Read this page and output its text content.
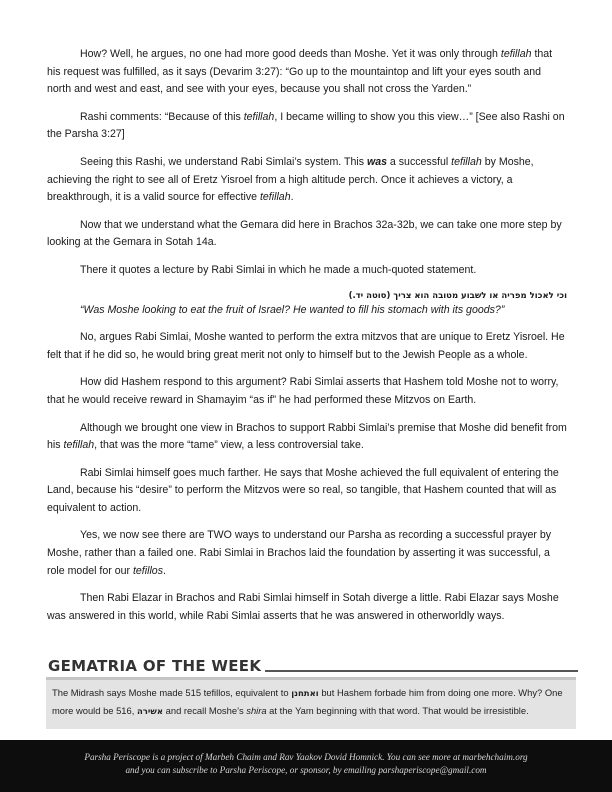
How? Well, he argues, no one had more good deeds than Moshe. Yet it was only through tefillah that his request was fulfilled, as it says (Devarim 3:27): “Go up to the mountaintop and lift your eyes south and north and west and east, and see with your eyes, because you shall not cross the Yarden.”

Rashi comments: “Because of this tefillah, I became willing to show you this view…” [See also Rashi on the Parsha 3:27]

Seeing this Rashi, we understand Rabi Simlai’s system. This was a successful tefillah by Moshe, achieving the right to see all of Eretz Yisroel from a high altitude perch. Once it achieves a victory, a breakthrough, it is a valid source for effective tefillah.

Now that we understand what the Gemara did here in Brachos 32a-32b, we can take one more step by looking at the Gemara in Sotah 14a.

There it quotes a lecture by Rabi Simlai in which he made a much-quoted statement.

וכי לאכול מפריה או לשבוע מטובה הוא צריך (סוטה יד.)

“Was Moshe looking to eat the fruit of Israel? He wanted to fill his stomach with its goods?”

No, argues Rabi Simlai, Moshe wanted to perform the extra mitzvos that are unique to Eretz Yisroel. He felt that if he did so, he would bring great merit not only to himself but to the Jewish People as a whole.

How did Hashem respond to this argument? Rabi Simlai asserts that Hashem told Moshe not to worry, that he would receive reward in Shamayim “as if” he had performed these Mitzvos on Earth.

Although we brought one view in Brachos to support Rabbi Simlai’s premise that Moshe did benefit from his tefillah, that was the more “tame” view, a less controversial take.

Rabi Simlai himself goes much farther. He says that Moshe achieved the full equivalent of entering the Land, because his “desire” to perform the Mitzvos were so real, so tangible, that Hashem counted that will as equivalent to action.

Yes, we now see there are TWO ways to understand our Parsha as recording a successful prayer by Moshe, rather than a failed one. Rabi Simlai in Brachos laid the foundation by asserting it was successful, a role model for our tefillos.

Then Rabi Elazar in Brachos and Rabi Simlai himself in Sotah diverge a little. Rabi Elazar says Moshe was answered in this world, while Rabi Simlai asserts that he was answered in otherworldly ways.

GEMATRIA OF THE WEEK
The Midrash says Moshe made 515 tefillos, equivalent to ואתחנן but Hashem forbade him from doing one more. Why? One more would be 516, אשירה and recall Moshe’s shira at the Yam beginning with that word. That would be irresistible.
Parsha Periscope is a project of Marbeh Chaim and Rav Yaakov Dovid Homnick. You can see more at marbehchaim.org
and you can subscribe to Parsha Periscope, or sponsor, by emailing parshaperiscope@gmail.com
